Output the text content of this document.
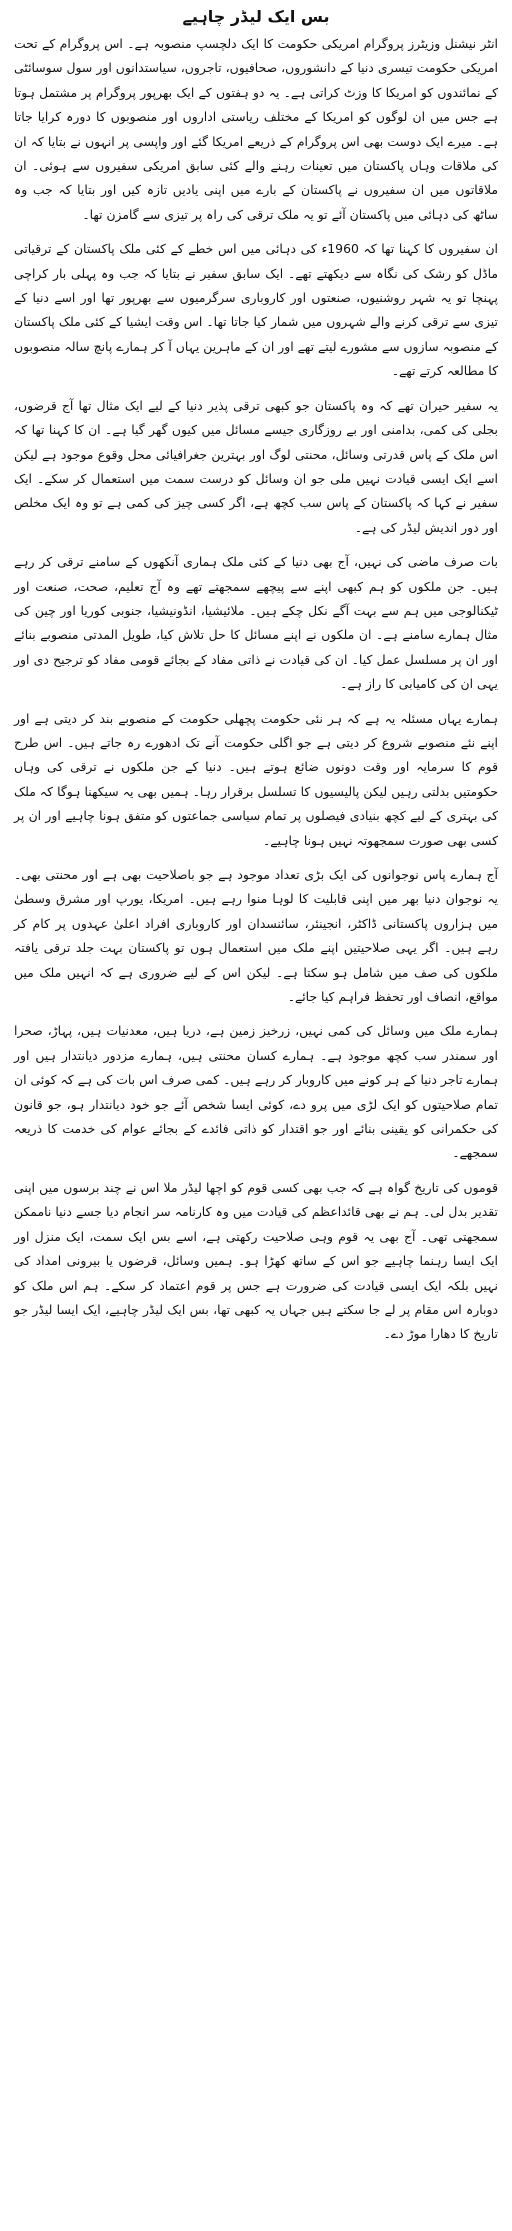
بس ایک لیڈر چاہیے

انٹر نیشنل وزیٹرز پروگرام امریکی حکومت کا ایک دلچسپ منصوبہ ہے۔ اس پروگرام کے تحت امریکی حکومت تیسری دنیا کے دانشوروں، صحافیوں، تاجروں، سیاستدانوں اور سول سوسائٹی کے نمائندوں کو امریکا کا وزٹ کراتی ہے۔ یہ دو ہفتوں کے ایک بھرپور پروگرام پر مشتمل ہوتا ہے جس میں ان لوگوں کو امریکا کے مختلف ریاستی اداروں اور منصوبوں کا دورہ کرایا جاتا ہے۔ میرے ایک دوست بھی اس پروگرام کے ذریعے امریکا گئے اور واپسی پر انہوں نے بتایا کہ ان کی ملاقات وہاں پاکستان میں تعینات رہنے والے کئی سابق امریکی سفیروں سے ہوئی۔ ان ملاقاتوں میں ان سفیروں نے پاکستان کے بارے میں اپنی یادیں تازہ کیں اور بتایا کہ جب وہ ساٹھ کی دہائی میں پاکستان آئے تو یہ ملک ترقی کی راہ پر تیزی سے گامزن تھا۔

ان سفیروں کا کہنا تھا کہ 1960ء کی دہائی میں اس خطے کے کئی ملک پاکستان کے ترقیاتی ماڈل کو رشک کی نگاہ سے دیکھتے تھے۔ ایک سابق سفیر نے بتایا کہ جب وہ پہلی بار کراچی پہنچا تو یہ شہر روشنیوں، صنعتوں اور کاروباری سرگرمیوں سے بھرپور تھا اور اسے دنیا کے تیزی سے ترقی کرنے والے شہروں میں شمار کیا جاتا تھا۔ اس وقت ایشیا کے کئی ملک پاکستان کے منصوبہ سازوں سے مشورے لیتے تھے اور ان کے ماہرین یہاں آ کر ہمارے پانچ سالہ منصوبوں کا مطالعہ کرتے تھے۔

یہ سفیر حیران تھے کہ وہ پاکستان جو کبھی ترقی پذیر دنیا کے لیے ایک مثال تھا آج قرضوں، بجلی کی کمی، بدامنی اور بے روزگاری جیسے مسائل میں کیوں گھر گیا ہے۔ ان کا کہنا تھا کہ اس ملک کے پاس قدرتی وسائل، محنتی لوگ اور بہترین جغرافیائی محل وقوع موجود ہے لیکن اسے ایک ایسی قیادت نہیں ملی جو ان وسائل کو درست سمت میں استعمال کر سکے۔ ایک سفیر نے کہا کہ پاکستان کے پاس سب کچھ ہے، اگر کسی چیز کی کمی ہے تو وہ ایک مخلص اور دور اندیش لیڈر کی ہے۔

بات صرف ماضی کی نہیں، آج بھی دنیا کے کئی ملک ہماری آنکھوں کے سامنے ترقی کر رہے ہیں۔ جن ملکوں کو ہم کبھی اپنے سے پیچھے سمجھتے تھے وہ آج تعلیم، صحت، صنعت اور ٹیکنالوجی میں ہم سے بہت آگے نکل چکے ہیں۔ ملائیشیا، انڈونیشیا، جنوبی کوریا اور چین کی مثال ہمارے سامنے ہے۔ ان ملکوں نے اپنے مسائل کا حل تلاش کیا، طویل المدتی منصوبے بنائے اور ان پر مسلسل عمل کیا۔ ان کی قیادت نے ذاتی مفاد کے بجائے قومی مفاد کو ترجیح دی اور یہی ان کی کامیابی کا راز ہے۔

ہمارے یہاں مسئلہ یہ ہے کہ ہر نئی حکومت پچھلی حکومت کے منصوبے بند کر دیتی ہے اور اپنے نئے منصوبے شروع کر دیتی ہے جو اگلی حکومت آنے تک ادھورے رہ جاتے ہیں۔ اس طرح قوم کا سرمایہ اور وقت دونوں ضائع ہوتے ہیں۔ دنیا کے جن ملکوں نے ترقی کی وہاں حکومتیں بدلتی رہیں لیکن پالیسیوں کا تسلسل برقرار رہا۔ ہمیں بھی یہ سیکھنا ہوگا کہ ملک کی بہتری کے لیے کچھ بنیادی فیصلوں پر تمام سیاسی جماعتوں کو متفق ہونا چاہیے اور ان پر کسی بھی صورت سمجھوتہ نہیں ہونا چاہیے۔

آج ہمارے پاس نوجوانوں کی ایک بڑی تعداد موجود ہے جو باصلاحیت بھی ہے اور محنتی بھی۔ یہ نوجوان دنیا بھر میں اپنی قابلیت کا لوہا منوا رہے ہیں۔ امریکا، یورپ اور مشرق وسطیٰ میں ہزاروں پاکستانی ڈاکٹر، انجینئر، سائنسدان اور کاروباری افراد اعلیٰ عہدوں پر کام کر رہے ہیں۔ اگر یہی صلاحیتیں اپنے ملک میں استعمال ہوں تو پاکستان بہت جلد ترقی یافتہ ملکوں کی صف میں شامل ہو سکتا ہے۔ لیکن اس کے لیے ضروری ہے کہ انہیں ملک میں مواقع، انصاف اور تحفظ فراہم کیا جائے۔

ہمارے ملک میں وسائل کی کمی نہیں، زرخیز زمین ہے، دریا ہیں، معدنیات ہیں، پہاڑ، صحرا اور سمندر سب کچھ موجود ہے۔ ہمارے کسان محنتی ہیں، ہمارے مزدور دیانتدار ہیں اور ہمارے تاجر دنیا کے ہر کونے میں کاروبار کر رہے ہیں۔ کمی صرف اس بات کی ہے کہ کوئی ان تمام صلاحیتوں کو ایک لڑی میں پرو دے، کوئی ایسا شخص آئے جو خود دیانتدار ہو، جو قانون کی حکمرانی کو یقینی بنائے اور جو اقتدار کو ذاتی فائدے کے بجائے عوام کی خدمت کا ذریعہ سمجھے۔

قوموں کی تاریخ گواہ ہے کہ جب بھی کسی قوم کو اچھا لیڈر ملا اس نے چند برسوں میں اپنی تقدیر بدل لی۔ ہم نے بھی قائداعظم کی قیادت میں وہ کارنامہ سر انجام دیا جسے دنیا ناممکن سمجھتی تھی۔ آج بھی یہ قوم وہی صلاحیت رکھتی ہے، اسے بس ایک سمت، ایک منزل اور ایک ایسا رہنما چاہیے جو اس کے ساتھ کھڑا ہو۔ ہمیں وسائل، قرضوں یا بیرونی امداد کی نہیں بلکہ ایک ایسی قیادت کی ضرورت ہے جس پر قوم اعتماد کر سکے۔ ہم اس ملک کو دوبارہ اس مقام پر لے جا سکتے ہیں جہاں یہ کبھی تھا، بس ایک لیڈر چاہیے، ایک ایسا لیڈر جو تاریخ کا دھارا موڑ دے۔
